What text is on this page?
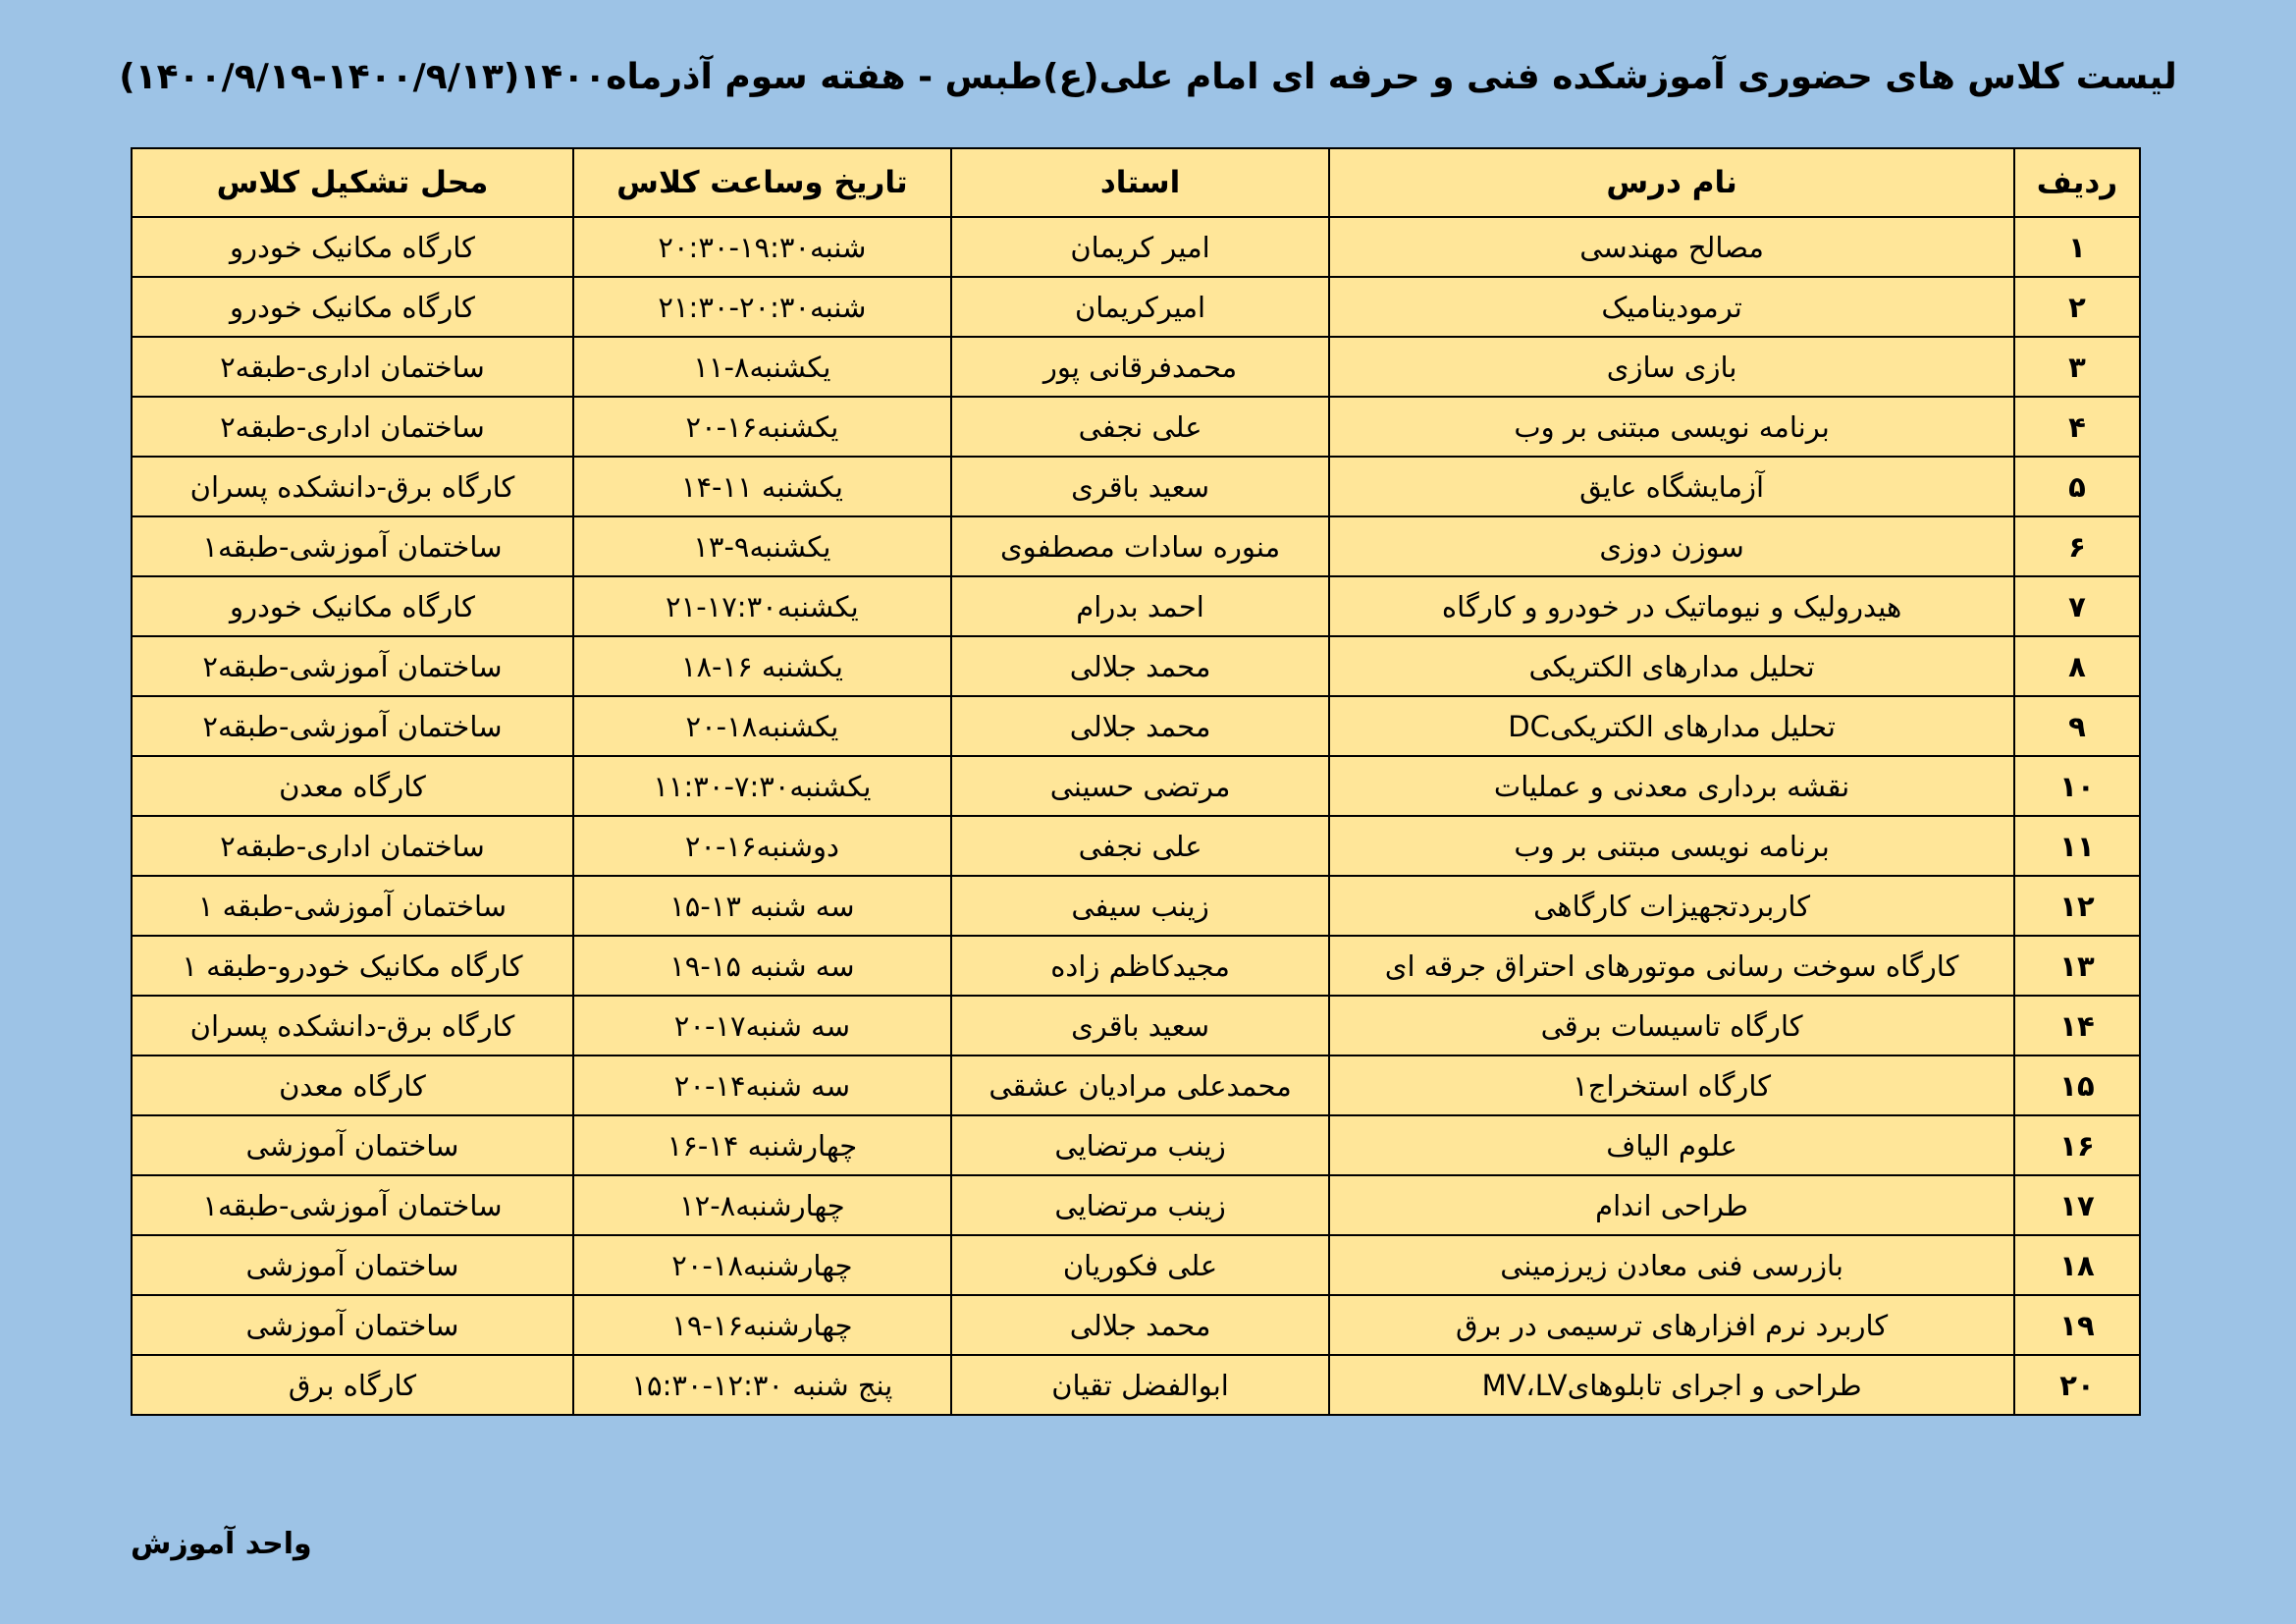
لیست کلاس های حضوری آموزشکده فنی و حرفه ای امام علی(ع)طبس - هفته سوم آذرماه۱۴۰۰(۱۴۰۰/۹/۱۳-۱۴۰۰/۹/۱۹)
ردیف	نام درس	استاد	تاریخ وساعت کلاس	محل تشکیل کلاس
۱	مصالح مهندسی	امیر کریمان	شنبه۱۹:۳۰-۲۰:۳۰	کارگاه مکانیک خودرو
۲	ترمودینامیک	امیرکریمان	شنبه۲۰:۳۰-۲۱:۳۰	کارگاه مکانیک خودرو
۳	بازی سازی	محمدفرقانی پور	یکشنبه۸-۱۱	ساختمان اداری-طبقه۲
۴	برنامه نویسی مبتنی بر وب	علی نجفی	یکشنبه۱۶-۲۰	ساختمان اداری-طبقه۲
۵	آزمایشگاه عایق	سعید باقری	یکشنبه ۱۱-۱۴	کارگاه برق-دانشکده پسران
۶	سوزن دوزی	منوره سادات مصطفوی	یکشنبه۹-۱۳	ساختمان آموزشی-طبقه۱
۷	هیدرولیک و نیوماتیک در خودرو و کارگاه	احمد بدرام	یکشنبه۱۷:۳۰-۲۱	کارگاه مکانیک خودرو
۸	تحلیل مدارهای الکتریکی	محمد جلالی	یکشنبه ۱۶-۱۸	ساختمان آموزشی-طبقه۲
۹	تحلیل مدارهای الکتریکیDC	محمد جلالی	یکشنبه۱۸-۲۰	ساختمان آموزشی-طبقه۲
۱۰	نقشه برداری معدنی و عملیات	مرتضی حسینی	یکشنبه۷:۳۰-۱۱:۳۰	کارگاه معدن
۱۱	برنامه نویسی مبتنی بر وب	علی نجفی	دوشنبه۱۶-۲۰	ساختمان اداری-طبقه۲
۱۲	کاربردتجهیزات کارگاهی	زینب سیفی	سه شنبه ۱۳-۱۵	ساختمان آموزشی-طبقه ۱
۱۳	کارگاه سوخت رسانی موتورهای احتراق جرقه ای	مجیدکاظم زاده	سه شنبه ۱۵-۱۹	کارگاه مکانیک خودرو-طبقه ۱
۱۴	کارگاه تاسیسات برقی	سعید باقری	سه شنبه۱۷-۲۰	کارگاه برق-دانشکده پسران
۱۵	کارگاه استخراج۱	محمدعلی مرادیان عشقی	سه شنبه۱۴-۲۰	کارگاه معدن
۱۶	علوم الیاف	زینب مرتضایی	چهارشنبه ۱۴-۱۶	ساختمان آموزشی
۱۷	طراحی اندام	زینب مرتضایی	چهارشنبه۸-۱۲	ساختمان آموزشی-طبقه۱
۱۸	بازرسی فنی معادن زیرزمینی	علی فکوریان	چهارشنبه۱۸-۲۰	ساختمان آموزشی
۱۹	کاربرد نرم افزارهای ترسیمی در برق	محمد جلالی	چهارشنبه۱۶-۱۹	ساختمان آموزشی
۲۰	طراحی و اجرای تابلوهایMV،LV	ابوالفضل تقیان	پنج شنبه ۱۲:۳۰-۱۵:۳۰	کارگاه برق
واحد آموزش
